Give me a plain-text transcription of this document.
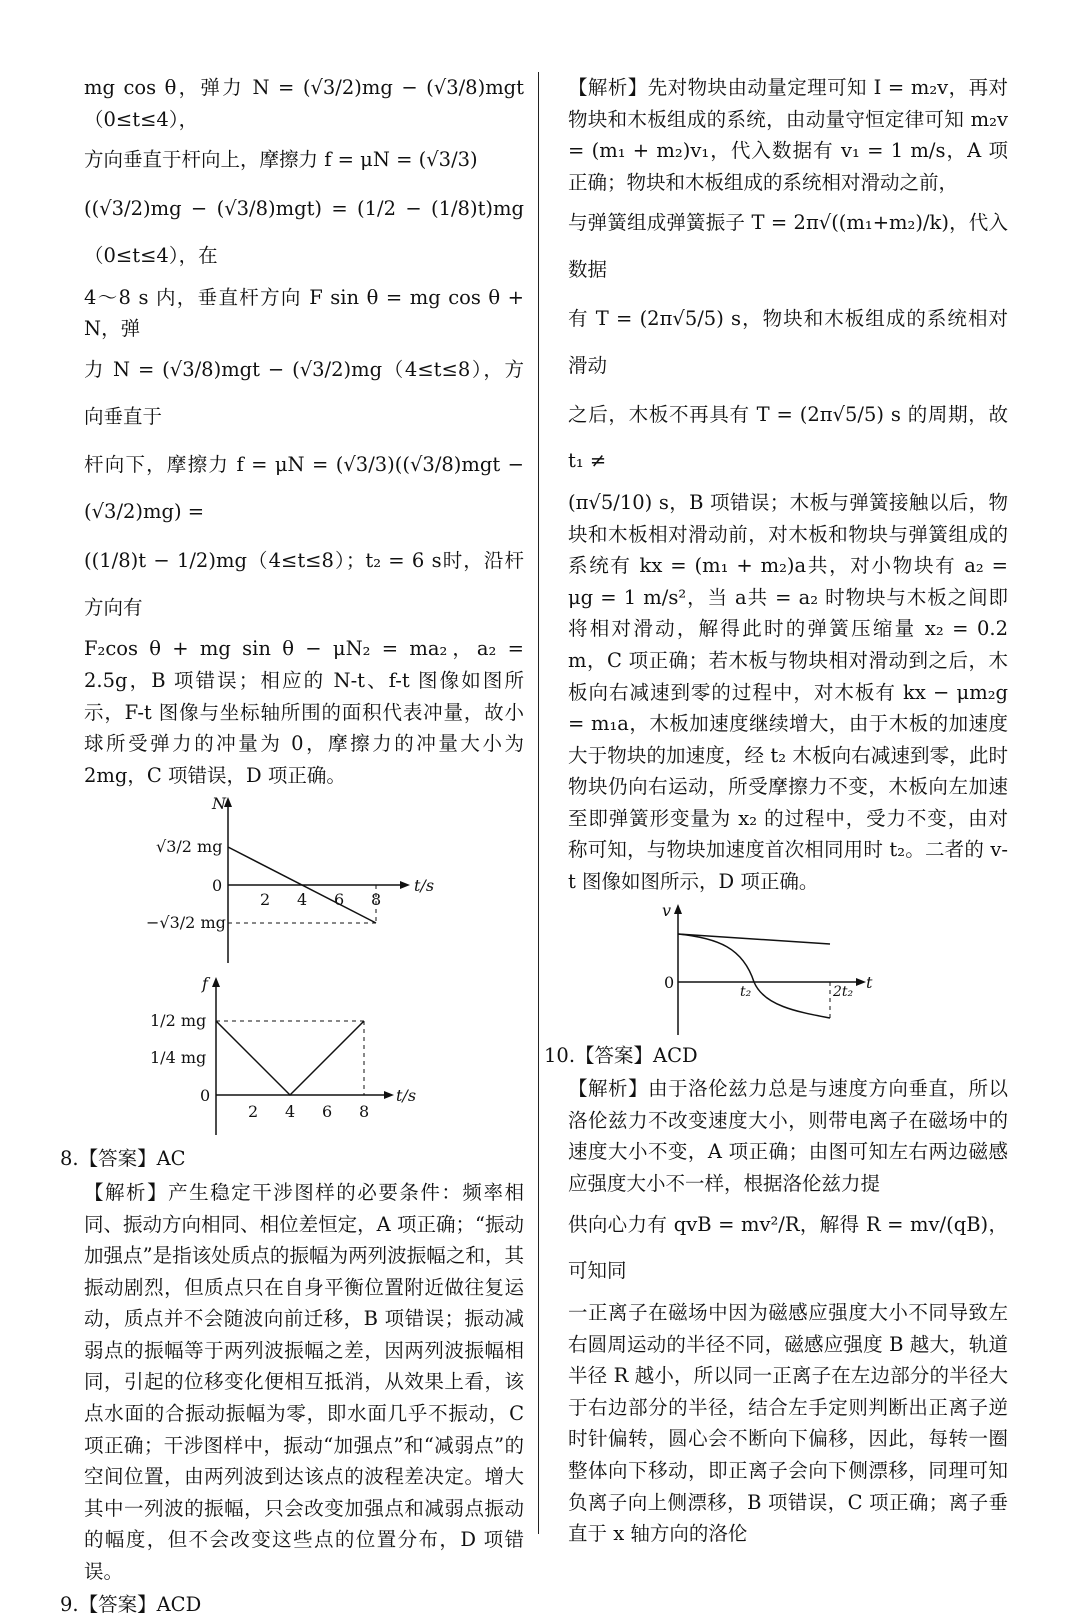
mg cos θ，弹力 N = (√3/2)mg − (√3/8)mgt（0≤t≤4），

方向垂直于杆向上，摩擦力 f = μN = (√3/3)

((√3/2)mg − (√3/8)mgt) = (1/2 − (1/8)t)mg（0≤t≤4），在

4～8 s 内，垂直杆方向 F sin θ = mg cos θ + N，弹

力 N = (√3/8)mgt − (√3/2)mg（4≤t≤8），方向垂直于

杆向下，摩擦力 f = μN = (√3/3)((√3/8)mgt − (√3/2)mg) =

((1/8)t − 1/2)mg（4≤t≤8）；t₂ = 6 s时，沿杆方向有

F₂cos θ + mg sin θ − μN₂ = ma₂，a₂ = 2.5g，B 项错误；相应的 N-t、f-t 图像如图所示，F-t 图像与坐标轴所围的面积代表冲量，故小球所受弹力的冲量为 0，摩擦力的冲量大小为 2mg，C 项错误，D 项正确。

N
t/s
0
2 4 6 8
√3/2 mg
−√3/2 mg
f
t/s
0
2 4 6 8
1/2 mg
1/4 mg

8.【答案】AC

【解析】产生稳定干涉图样的必要条件：频率相同、振动方向相同、相位差恒定，A 项正确；“振动加强点”是指该处质点的振幅为两列波振幅之和，其振动剧烈，但质点只在自身平衡位置附近做往复运动，质点并不会随波向前迁移，B 项错误；振动减弱点的振幅等于两列波振幅之差，因两列波振幅相同，引起的位移变化便相互抵消，从效果上看，该点水面的合振动振幅为零，即水面几乎不振动，C 项正确；干涉图样中，振动“加强点”和“减弱点”的空间位置，由两列波到达该点的波程差决定。增大其中一列波的振幅，只会改变加强点和减弱点振动的幅度，但不会改变这些点的位置分布，D 项错误。

9.【答案】ACD

【解析】先对物块由动量定理可知 I = m₂v，再对物块和木板组成的系统，由动量守恒定律可知 m₂v = (m₁ + m₂)v₁，代入数据有 v₁ = 1 m/s，A 项正确；物块和木板组成的系统相对滑动之前，

与弹簧组成弹簧振子 T = 2π√((m₁+m₂)/k)，代入数据

有 T = (2π√5/5) s，物块和木板组成的系统相对滑动

之后，木板不再具有 T = (2π√5/5) s 的周期，故 t₁ ≠

(π√5/10) s，B 项错误；木板与弹簧接触以后，物块和木板相对滑动前，对木板和物块与弹簧组成的系统有 kx = (m₁ + m₂)a共，对小物块有 a₂ = μg = 1 m/s²，当 a共 = a₂ 时物块与木板之间即将相对滑动，解得此时的弹簧压缩量 x₂ = 0.2 m，C 项正确；若木板与物块相对滑动到之后，木板向右减速到零的过程中，对木板有 kx − μm₂g = m₁a，木板加速度继续增大，由于木板的加速度大于物块的加速度，经 t₂ 木板向右减速到零，此时物块仍向右运动，所受摩擦力不变，木板向左加速至即弹簧形变量为 x₂ 的过程中，受力不变，由对称可知，与物块加速度首次相同用时 t₂。二者的 v-t 图像如图所示，D 项正确。

v
t
0	t₂	2t₂

10.【答案】ACD

【解析】由于洛伦兹力总是与速度方向垂直，所以洛伦兹力不改变速度大小，则带电离子在磁场中的速度大小不变，A 项正确；由图可知左右两边磁感应强度大小不一样，根据洛伦兹力提

供向心力有 qvB = mv²/R，解得 R = mv/(qB)，可知同

一正离子在磁场中因为磁感应强度大小不同导致左右圆周运动的半径不同，磁感应强度 B 越大，轨道半径 R 越小，所以同一正离子在左边部分的半径大于右边部分的半径，结合左手定则判断出正离子逆时针偏转，圆心会不断向下偏移，因此，每转一圈整体向下移动，即正离子会向下侧漂移，同理可知负离子向上侧漂移，B 项错误，C 项正确；离子垂直于 x 轴方向的洛伦
